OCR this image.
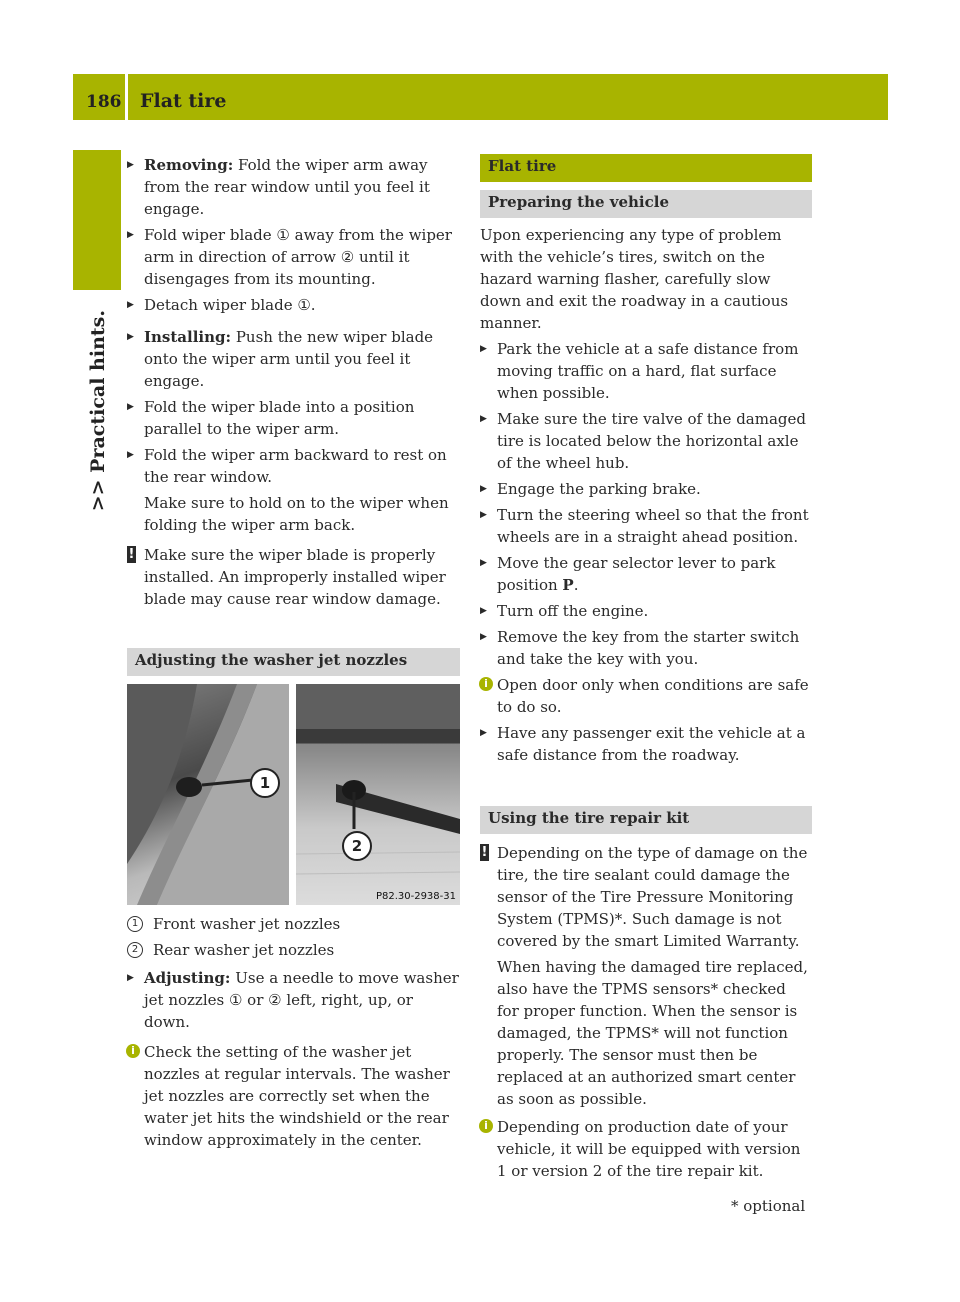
186 Flat tire
>> Practical hints.
▶ Removing: Fold the wiper arm away from the rear window until you feel it engage.
▶ Fold wiper blade ① away from the wiper arm in direction of arrow ② until it disengages from its mounting.
▶ Detach wiper blade ①.
▶ Installing: Push the new wiper blade onto the wiper arm until you feel it engage.
▶ Fold the wiper blade into a position parallel to the wiper arm.
▶ Fold the wiper arm backward to rest on the rear window.
Make sure to hold on to the wiper when folding the wiper arm back.
! Make sure the wiper blade is properly installed. An improperly installed wiper blade may cause rear window damage.
Adjusting the washer jet nozzles
1
2
P82.30-2938-31
1 Front washer jet nozzles
2 Rear washer jet nozzles
▶ Adjusting: Use a needle to move washer jet nozzles ① or ② left, right, up, or down.
i Check the setting of the washer jet nozzles at regular intervals. The washer jet nozzles are correctly set when the water jet hits the windshield or the rear window approximately in the center.
Flat tire
Preparing the vehicle

Upon experiencing any type of problem with the vehicle’s tires, switch on the hazard warning flasher, carefully slow down and exit the roadway in a cautious manner.

▶ Park the vehicle at a safe distance from moving traffic on a hard, flat surface when possible.
▶ Make sure the tire valve of the damaged tire is located below the horizontal axle of the wheel hub.
▶ Engage the parking brake.
▶ Turn the steering wheel so that the front wheels are in a straight ahead position.
▶ Move the gear selector lever to park position P.
▶ Turn off the engine.
▶ Remove the key from the starter switch and take the key with you.
i Open door only when conditions are safe to do so.
▶ Have any passenger exit the vehicle at a safe distance from the roadway.
Using the tire repair kit
! Depending on the type of damage on the tire, the tire sealant could damage the sensor of the Tire Pressure Monitoring System (TPMS)*. Such damage is not covered by the smart Limited Warranty.
When having the damaged tire replaced, also have the TPMS sensors* checked for proper function. When the sensor is damaged, the TPMS* will not function properly. The sensor must then be replaced at an authorized smart center as soon as possible.
i Depending on production date of your vehicle, it will be equipped with version 1 or version 2 of the tire repair kit.
* optional
